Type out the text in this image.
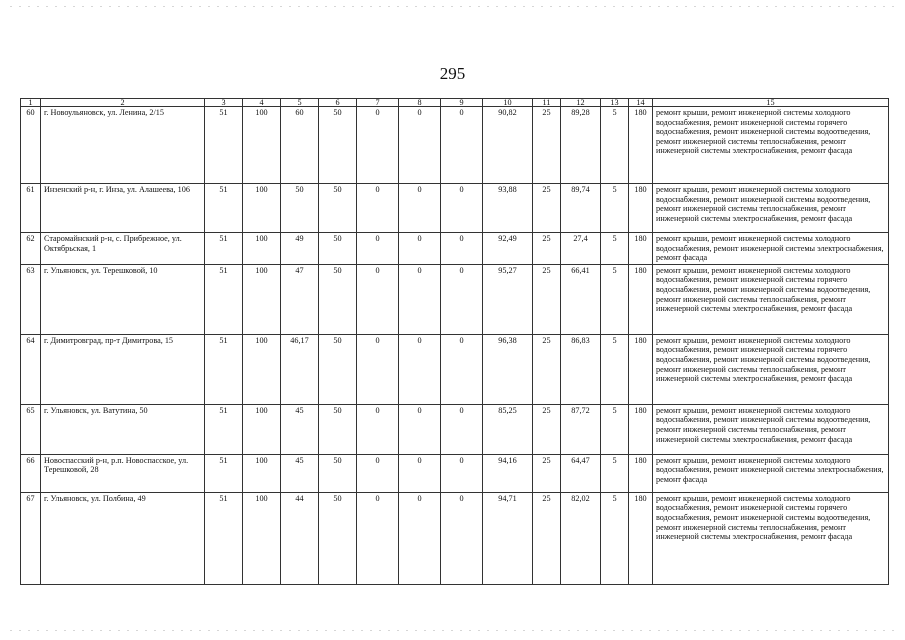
295
1	2	3	4	5	6	7	8	9	10	11	12	13	14	15
60	г. Новоульяновск, ул. Ленина, 2/15	51	100	60	50	0	0	0	90,82	25	89,28	5	180	ремонт крыши, ремонт инженерной системы холодного водоснабжения, ремонт инженерной системы горячего водоснабжения, ремонт инженерной системы водоотведения, ремонт инженерной системы теплоснабжения, ремонт инженерной системы электроснабжения, ремонт фасада
61	Инзенский р-н, г. Инза, ул. Алашеева, 106	51	100	50	50	0	0	0	93,88	25	89,74	5	180	ремонт крыши, ремонт инженерной системы холодного водоснабжения, ремонт инженерной системы водоотведения, ремонт инженерной системы теплоснабжения, ремонт инженерной системы электроснабжения, ремонт фасада
62	Старомайнский р-н, с. Прибрежное, ул. Октябрьская, 1	51	100	49	50	0	0	0	92,49	25	27,4	5	180	ремонт крыши, ремонт инженерной системы холодного водоснабжения, ремонт инженерной системы электроснабжения, ремонт фасада
63	г. Ульяновск, ул. Терешковой, 10	51	100	47	50	0	0	0	95,27	25	66,41	5	180	ремонт крыши, ремонт инженерной системы холодного водоснабжения, ремонт инженерной системы горячего водоснабжения, ремонт инженерной системы водоотведения, ремонт инженерной системы теплоснабжения, ремонт инженерной системы электроснабжения, ремонт фасада
64	г. Димитровград, пр-т Димитрова, 15	51	100	46,17	50	0	0	0	96,38	25	86,83	5	180	ремонт крыши, ремонт инженерной системы холодного водоснабжения, ремонт инженерной системы горячего водоснабжения, ремонт инженерной системы водоотведения, ремонт инженерной системы теплоснабжения, ремонт инженерной системы электроснабжения, ремонт фасада
65	г. Ульяновск, ул. Ватутина, 50	51	100	45	50	0	0	0	85,25	25	87,72	5	180	ремонт крыши, ремонт инженерной системы холодного водоснабжения, ремонт инженерной системы водоотведения, ремонт инженерной системы теплоснабжения, ремонт инженерной системы электроснабжения, ремонт фасада
66	Новоспасский р-н, р.п. Новоспасское, ул. Терешковой, 28	51	100	45	50	0	0	0	94,16	25	64,47	5	180	ремонт крыши, ремонт инженерной системы холодного водоснабжения, ремонт инженерной системы электроснабжения, ремонт фасада
67	г. Ульяновск, ул. Полбина, 49	51	100	44	50	0	0	0	94,71	25	82,02	5	180	ремонт крыши, ремонт инженерной системы холодного водоснабжения, ремонт инженерной системы горячего водоснабжения, ремонт инженерной системы водоотведения, ремонт инженерной системы теплоснабжения, ремонт инженерной системы электроснабжения, ремонт фасада
